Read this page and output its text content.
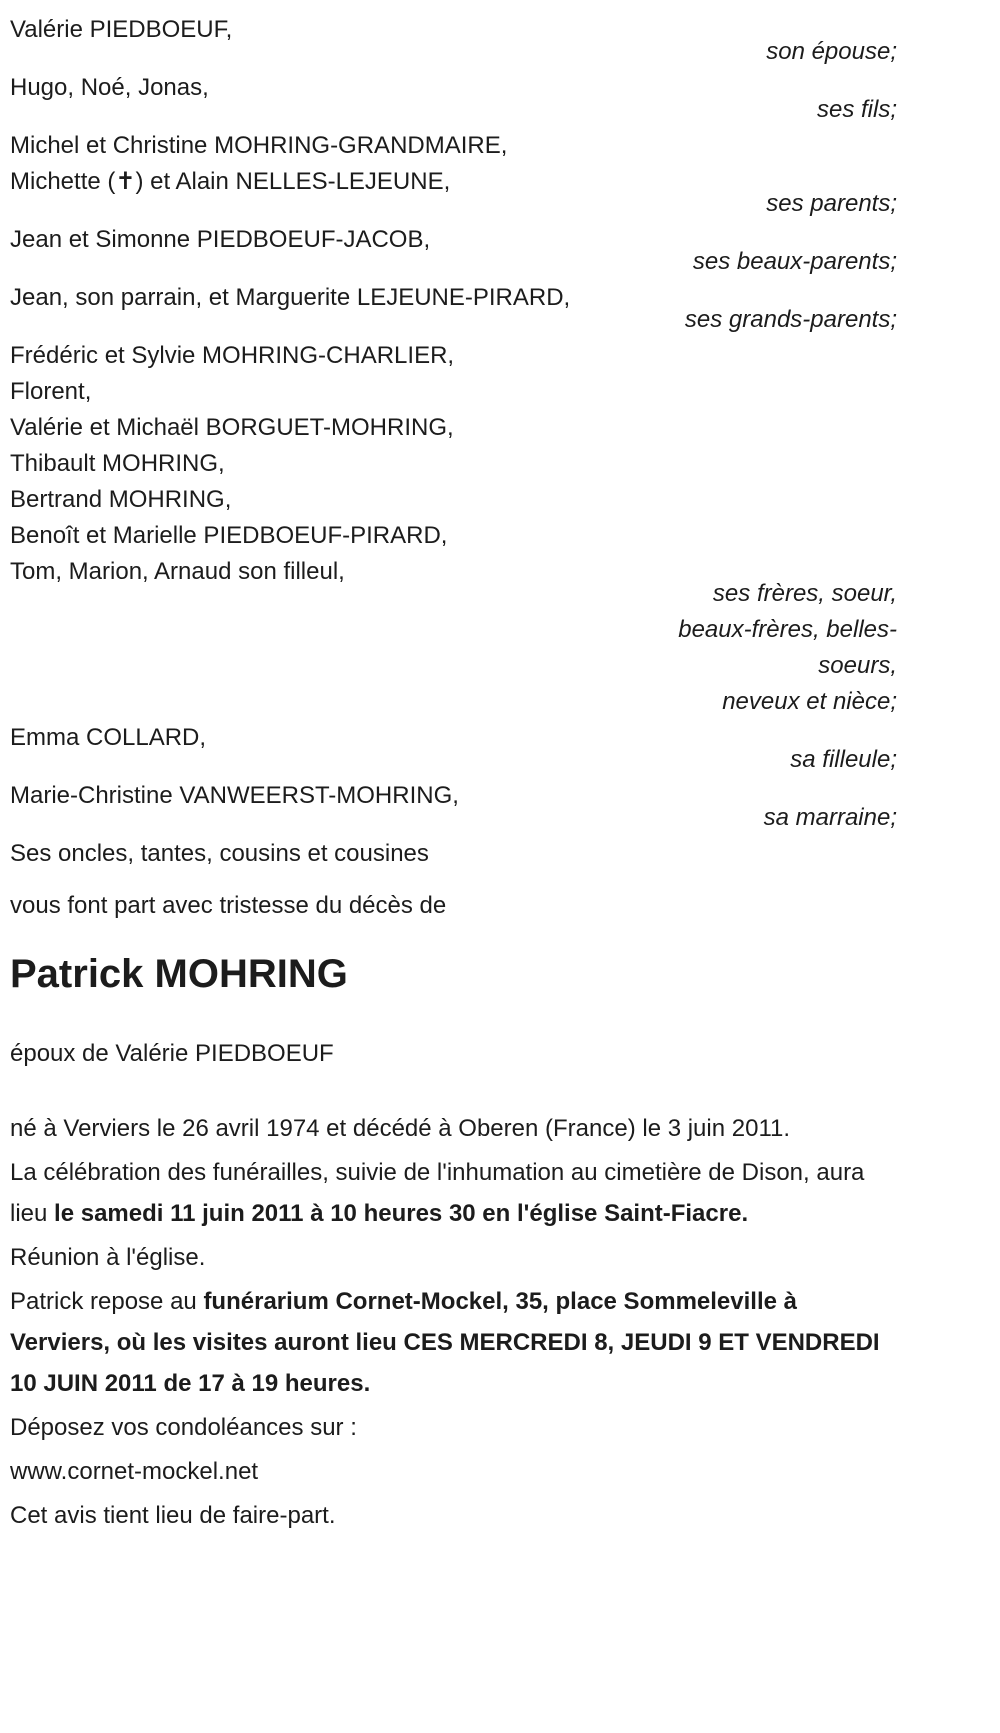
Valérie PIEDBOEUF,
son épouse;
Hugo, Noé, Jonas,
ses fils;
Michel et Christine MOHRING-GRANDMAIRE,
Michette (✝) et Alain NELLES-LEJEUNE,
ses parents;
Jean et Simonne PIEDBOEUF-JACOB,
ses beaux-parents;
Jean, son parrain, et Marguerite LEJEUNE-PIRARD,
ses grands-parents;
Frédéric et Sylvie MOHRING-CHARLIER,
Florent,
Valérie et Michaël BORGUET-MOHRING,
Thibault MOHRING,
Bertrand MOHRING,
Benoît et Marielle PIEDBOEUF-PIRARD,
Tom, Marion, Arnaud son filleul,
ses frères, soeur,
beaux-frères, belles-
soeurs,
neveux et nièce;
Emma COLLARD,
sa filleule;
Marie-Christine VANWEERST-MOHRING,
sa marraine;
Ses oncles, tantes, cousins et cousines

vous font part avec tristesse du décès de

Patrick MOHRING

époux de Valérie PIEDBOEUF

né à Verviers le 26 avril 1974 et décédé à Oberen (France) le 3 juin 2011.

La célébration des funérailles, suivie de l'inhumation au cimetière de Dison, aura lieu le samedi 11 juin 2011 à 10 heures 30 en l'église Saint-Fiacre.

Réunion à l'église.

Patrick repose au funérarium Cornet-Mockel, 35, place Sommeleville à Verviers, où les visites auront lieu CES MERCREDI 8, JEUDI 9 ET VENDREDI 10 JUIN 2011 de 17 à 19 heures.

Déposez vos condoléances sur :

www.cornet-mockel.net

Cet avis tient lieu de faire-part.
